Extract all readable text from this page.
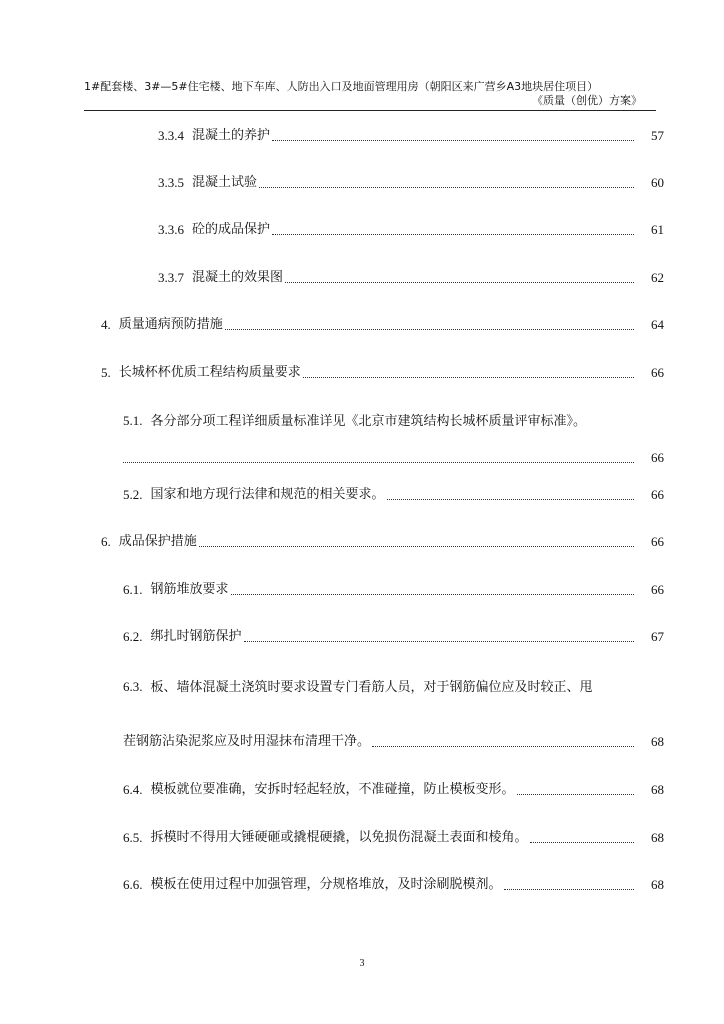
1#配套楼、3#—5#住宅楼、地下车库、人防出入口及地面管理用房（朝阳区来广营乡A3地块居住项目）
《质量（创优）方案》
3.3.4 混凝土的养护	57
3.3.5 混凝土试验	60
3.3.6 砼的成品保护	61
3.3.7 混凝土的效果图	62
4. 质量通病预防措施	64
5. 长城杯杯优质工程结构质量要求	66
5.1. 各分部分项工程详细质量标准详见《北京市建筑结构长城杯质量评审标准》。
66
5.2. 国家和地方现行法律和规范的相关要求。	66
6. 成品保护措施	66
6.1. 钢筋堆放要求	66
6.2. 绑扎时钢筋保护	67
6.3. 板、墙体混凝土浇筑时要求设置专门看筋人员，对于钢筋偏位应及时较正、甩
茬钢筋沾染泥浆应及时用湿抹布清理干净。	68
6.4. 模板就位要准确，安拆时轻起轻放，不准碰撞，防止模板变形。	68
6.5. 拆模时不得用大锤硬砸或撬棍硬撬，以免损伤混凝土表面和棱角。	68
6.6. 模板在使用过程中加强管理，分规格堆放，及时涂刷脱模剂。	68
3
